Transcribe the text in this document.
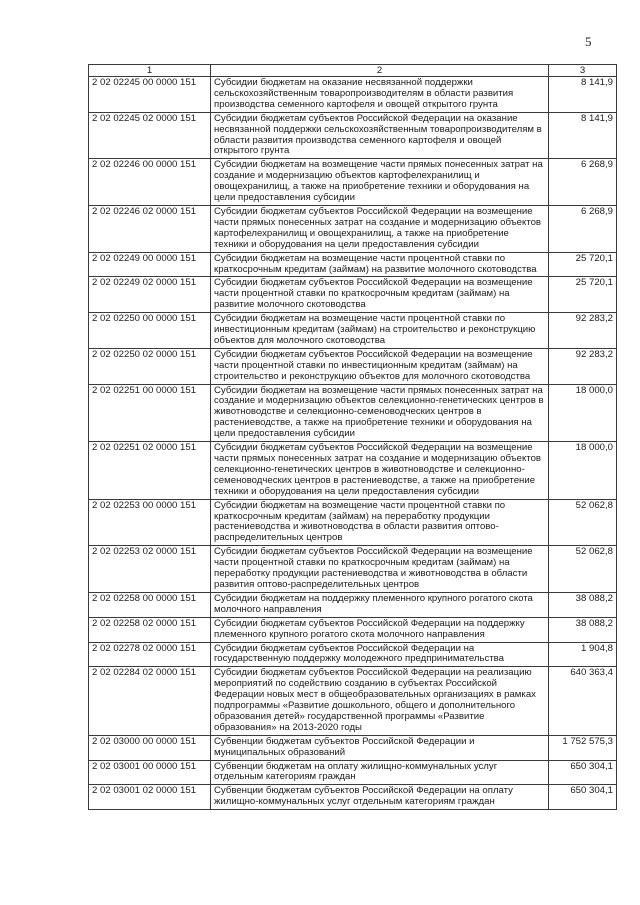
5
1	2	3
2 02 02245 00 0000 151	Субсидии бюджетам на оказание несвязанной поддержки сельскохозяйственным товаропроизводителям в области развития производства семенного картофеля и овощей открытого грунта	8 141,9
2 02 02245 02 0000 151	Субсидии бюджетам субъектов Российской Федерации на оказание несвязанной поддержки сельскохозяйственным товаропроизводителям в области развития производства семенного картофеля и овощей открытого грунта	8 141,9
2 02 02246 00 0000 151	Субсидии бюджетам на возмещение части прямых понесенных затрат на создание и модернизацию объектов картофелехранилищ и овощехранилищ, а также на приобретение техники и оборудования на цели предоставления субсидии	6 268,9
2 02 02246 02 0000 151	Субсидии бюджетам субъектов Российской Федерации на возмещение части прямых понесенных затрат на создание и модернизацию объектов картофелехранилищ и овощехранилищ, а также на приобретение техники и оборудования на цели предоставления субсидии	6 268,9
2 02 02249 00 0000 151	Субсидии бюджетам на возмещение части процентной ставки по краткосрочным кредитам (займам) на развитие молочного скотоводства	25 720,1
2 02 02249 02 0000 151	Субсидии бюджетам субъектов Российской Федерации на возмещение части процентной ставки по краткосрочным кредитам (займам) на развитие молочного скотоводства	25 720,1
2 02 02250 00 0000 151	Субсидии бюджетам на возмещение части процентной ставки по инвестиционным кредитам (займам) на строительство и реконструкцию объектов для молочного скотоводства	92 283,2
2 02 02250 02 0000 151	Субсидии бюджетам субъектов Российской Федерации на возмещение части процентной ставки по инвестиционным кредитам (займам) на строительство и реконструкцию объектов для молочного скотоводства	92 283,2
2 02 02251 00 0000 151	Субсидии бюджетам на возмещение части прямых понесенных затрат на создание и модернизацию объектов селекционно-генетических центров в животноводстве и селекционно-семеноводческих центров в растениеводстве, а также на приобретение техники и оборудования на цели предоставления субсидии	18 000,0
2 02 02251 02 0000 151	Субсидии бюджетам субъектов Российской Федерации на возмещение части прямых понесенных затрат на создание и модернизацию объектов селекционно-генетических центров в животноводстве и селекционно-семеноводческих центров в растениеводстве, а также на приобретение техники и оборудования на цели предоставления субсидии	18 000,0
2 02 02253 00 0000 151	Субсидии бюджетам на возмещение части процентной ставки по краткосрочным кредитам (займам) на переработку продукции растениеводства и животноводства в области развития оптово-распределительных центров	52 062,8
2 02 02253 02 0000 151	Субсидии бюджетам субъектов Российской Федерации на возмещение части процентной ставки по краткосрочным кредитам (займам) на переработку продукции растениеводства и животноводства в области развития оптово-распределительных центров	52 062,8
2 02 02258 00 0000 151	Субсидии бюджетам на поддержку племенного крупного рогатого скота молочного направления	38 088,2
2 02 02258 02 0000 151	Субсидии бюджетам субъектов Российской Федерации на поддержку племенного крупного рогатого скота молочного направления	38 088,2
2 02 02278 02 0000 151	Субсидии бюджетам субъектов Российской Федерации на государственную поддержку молодежного предпринимательства	1 904,8
2 02 02284 02 0000 151	Субсидии бюджетам субъектов Российской Федерации на реализацию мероприятий по содействию созданию в субъектах Российской Федерации новых мест в общеобразовательных организациях в рамках подпрограммы «Развитие дошкольного, общего и дополнительного образования детей» государственной программы «Развитие образования» на 2013-2020 годы	640 363,4
2 02 03000 00 0000 151	Субвенции бюджетам субъектов Российской Федерации и муниципальных образований	1 752 575,3
2 02 03001 00 0000 151	Субвенции бюджетам на оплату жилищно-коммунальных услуг отдельным категориям граждан	650 304,1
2 02 03001 02 0000 151	Субвенции бюджетам субъектов Российской Федерации на оплату жилищно-коммунальных услуг отдельным категориям граждан	650 304,1
